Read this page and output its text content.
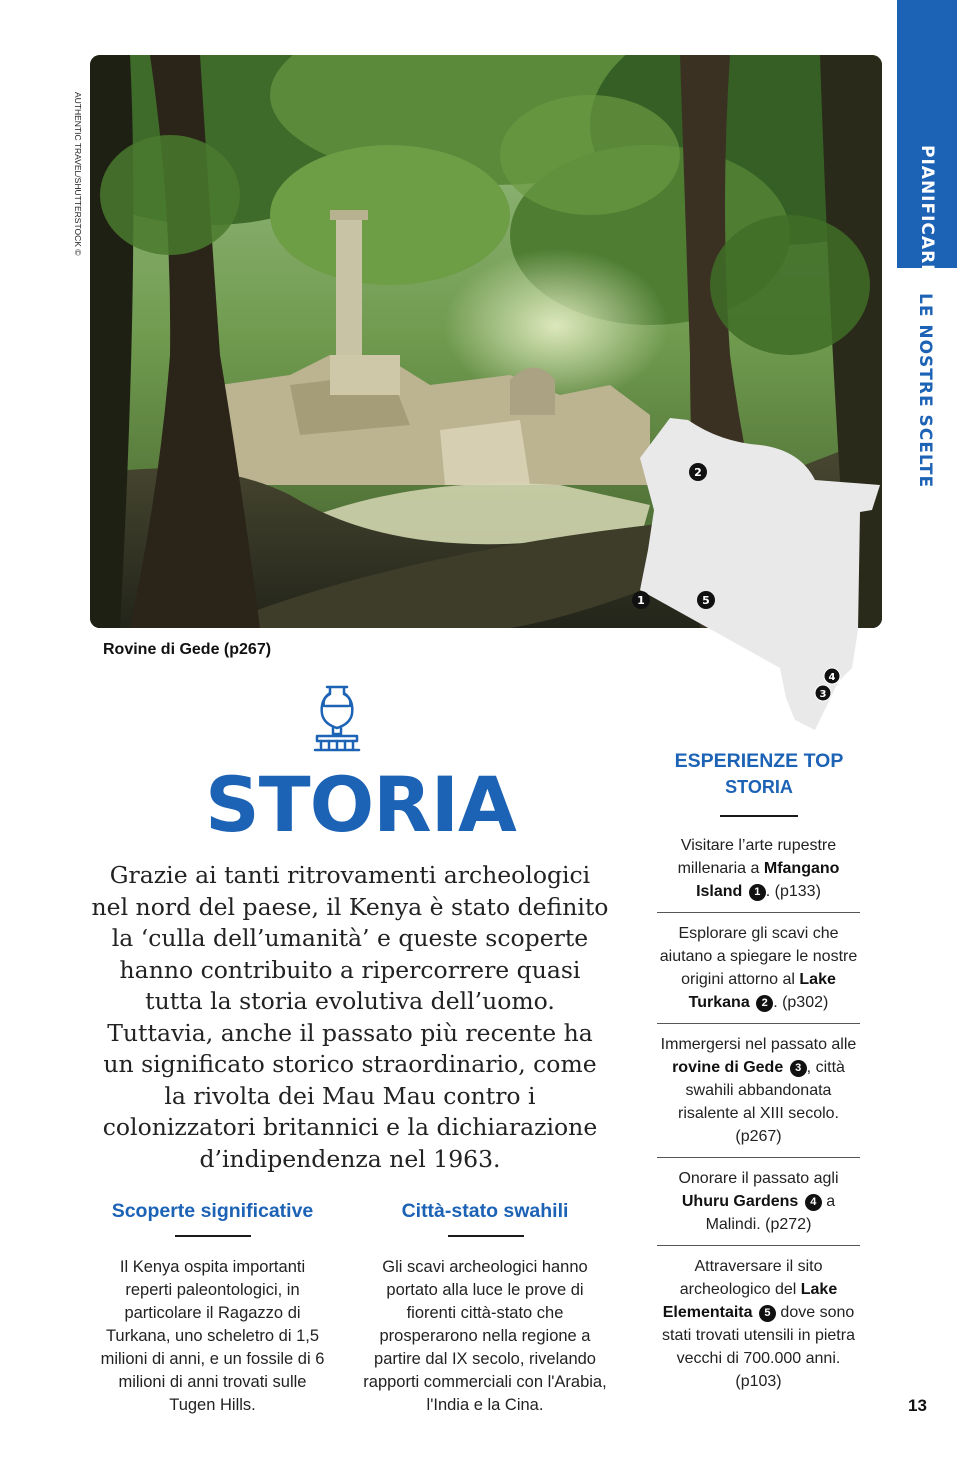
PIANIFICARE
LE NOSTRE SCELTE
AUTHENTIC TRAVEL/SHUTTERSTOCK ©
Rovine di Gede (p267)
2
1	5
4
3
STORIA

Grazie ai tanti ritrovamenti archeologici nel nord del paese, il Kenya è stato definito la ‘culla dell’umanità’ e queste scoperte hanno contribuito a ripercorrere quasi tutta la storia evolutiva dell’uomo. Tuttavia, anche il passato più recente ha un significato storico straordinario, come la rivolta dei Mau Mau contro i colonizzatori britannici e la dichiarazione d’indipendenza nel 1963.

Scoperte significative

Il Kenya ospita importanti reperti paleontologici, in particolare il Ragazzo di Turkana, uno scheletro di 1,5 milioni di anni, e un fossile di 6 milioni di anni trovati sulle Tugen Hills.

Città-stato swahili

Gli scavi archeologici hanno portato alla luce le prove di fiorenti città-stato che prosperarono nella regione a partire dal IX secolo, rivelando rapporti commerciali con l'Arabia, l'India e la Cina.

ESPERIENZE TOP
STORIA
Visitare l’arte rupestre millenaria a Mfangano Island 1 . (p133)
Esplorare gli scavi che aiutano a spiegare le nostre origini attorno al Lake Turkana 2 . (p302)
Immergersi nel passato alle rovine di Gede 3 , città swahili abbandonata risalente al XIII secolo. (p267)
Onorare il passato agli Uhuru Gardens 4 a Malindi. (p272)
Attraversare il sito archeologico del Lake Elementaita 5 dove sono stati trovati utensili in pietra vecchi di 700.000 anni. (p103)
13
